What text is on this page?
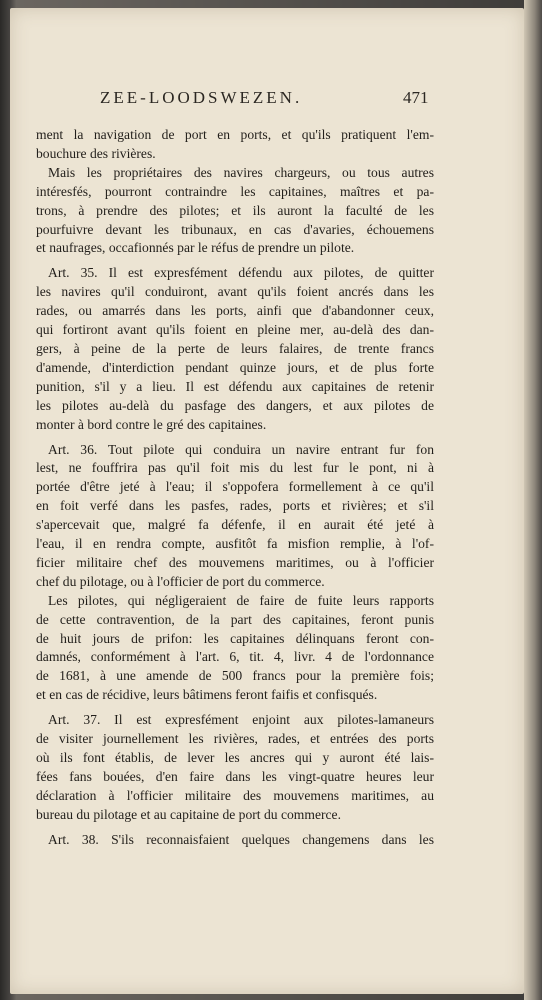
ZEE-LOODSWEZEN.	471
ment la navigation de port en ports, et qu'ils pratiquent l'em-
bouchure des rivières.
Mais les propriétaires des navires chargeurs, ou tous autres
intéresfés, pourront contraindre les capitaines, maîtres et pa-
trons, à prendre des pilotes; et ils auront la faculté de les
pourfuivre devant les tribunaux, en cas d'avaries, échouemens
et naufrages, occafionnés par le réfus de prendre un pilote.
Art. 35. Il est expresfément défendu aux pilotes, de quitter
les navires qu'il conduiront, avant qu'ils foient ancrés dans les
rades, ou amarrés dans les ports, ainfi que d'abandonner ceux,
qui fortiront avant qu'ils foient en pleine mer, au-delà des dan-
gers, à peine de la perte de leurs falaires, de trente francs
d'amende, d'interdiction pendant quinze jours, et de plus forte
punition, s'il y a lieu. Il est défendu aux capitaines de retenir
les pilotes au-delà du pasfage des dangers, et aux pilotes de
monter à bord contre le gré des capitaines.
Art. 36. Tout pilote qui conduira un navire entrant fur fon
lest, ne fouffrira pas qu'il foit mis du lest fur le pont, ni à
portée d'être jeté à l'eau; il s'oppofera formellement à ce qu'il
en foit verfé dans les pasfes, rades, ports et rivières; et s'il
s'apercevait que, malgré fa défenfe, il en aurait été jeté à
l'eau, il en rendra compte, ausfitôt fa misfion remplie, à l'of-
ficier militaire chef des mouvemens maritimes, ou à l'officier
chef du pilotage, ou à l'officier de port du commerce.
Les pilotes, qui négligeraient de faire de fuite leurs rapports
de cette contravention, de la part des capitaines, feront punis
de huit jours de prifon: les capitaines délinquans feront con-
damnés, conformément à l'art. 6, tit. 4, livr. 4 de l'ordonnance
de 1681, à une amende de 500 francs pour la première fois;
et en cas de récidive, leurs bâtimens feront faifis et confisqués.
Art. 37. Il est expresfément enjoint aux pilotes-lamaneurs
de visiter journellement les rivières, rades, et entrées des ports
où ils font établis, de lever les ancres qui y auront été lais-
fées fans bouées, d'en faire dans les vingt-quatre heures leur
déclaration à l'officier militaire des mouvemens maritimes, au
bureau du pilotage et au capitaine de port du commerce.
Art. 38. S'ils reconnaisfaient quelques changemens dans les
